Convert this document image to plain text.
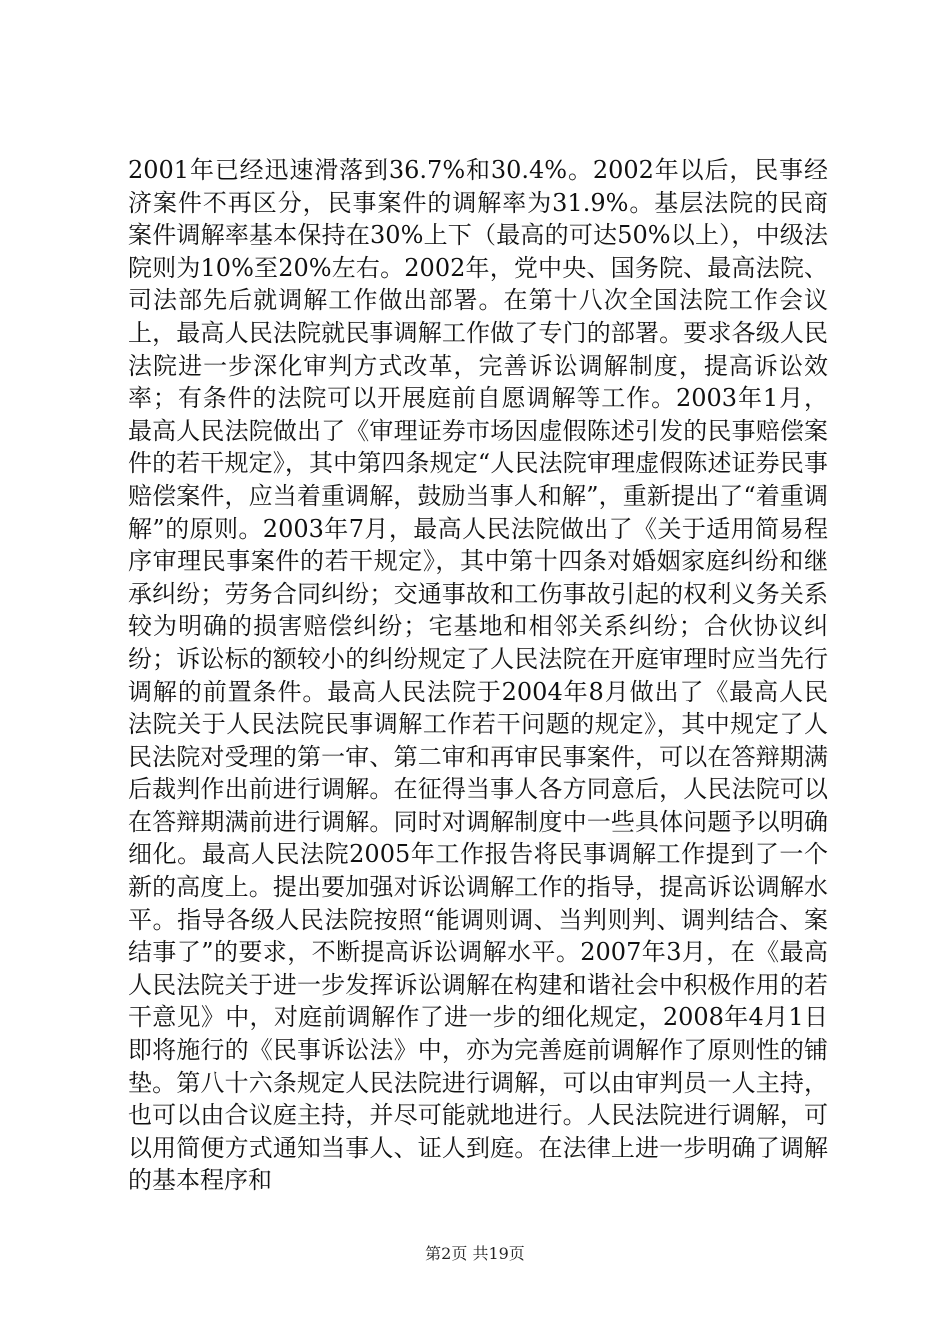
2001年已经迅速滑落到36.7%和30.4%。2002年以后，民事经济案件不再区分，民事案件的调解率为31.9%。基层法院的民商案件调解率基本保持在30%上下（最高的可达50%以上），中级法院则为10%至20%左右。2002年，党中央、国务院、最高法院、司法部先后就调解工作做出部署。在第十八次全国法院工作会议上，最高人民法院就民事调解工作做了专门的部署。要求各级人民法院进一步深化审判方式改革，完善诉讼调解制度，提高诉讼效率；有条件的法院可以开展庭前自愿调解等工作。2003年1月，最高人民法院做出了《审理证券市场因虚假陈述引发的民事赔偿案件的若干规定》，其中第四条规定“人民法院审理虚假陈述证券民事赔偿案件，应当着重调解，鼓励当事人和解”，重新提出了“着重调解”的原则。2003年7月，最高人民法院做出了《关于适用简易程序审理民事案件的若干规定》，其中第十四条对婚姻家庭纠纷和继承纠纷；劳务合同纠纷；交通事故和工伤事故引起的权利义务关系较为明确的损害赔偿纠纷；宅基地和相邻关系纠纷；合伙协议纠纷；诉讼标的额较小的纠纷规定了人民法院在开庭审理时应当先行调解的前置条件。最高人民法院于2004年8月做出了《最高人民法院关于人民法院民事调解工作若干问题的规定》，其中规定了人民法院对受理的第一审、第二审和再审民事案件，可以在答辩期满后裁判作出前进行调解。在征得当事人各方同意后，人民法院可以在答辩期满前进行调解。同时对调解制度中一些具体问题予以明确细化。最高人民法院2005年工作报告将民事调解工作提到了一个新的高度上。提出要加强对诉讼调解工作的指导，提高诉讼调解水平。指导各级人民法院按照“能调则调、当判则判、调判结合、案结事了”的要求，不断提高诉讼调解水平。2007年3月，在《最高人民法院关于进一步发挥诉讼调解在构建和谐社会中积极作用的若干意见》中，对庭前调解作了进一步的细化规定，2008年4月1日即将施行的《民事诉讼法》中，亦为完善庭前调解作了原则性的铺垫。第八十六条规定人民法院进行调解，可以由审判员一人主持，也可以由合议庭主持，并尽可能就地进行。人民法院进行调解，可以用简便方式通知当事人、证人到庭。在法律上进一步明确了调解的基本程序和

第2页 共19页
